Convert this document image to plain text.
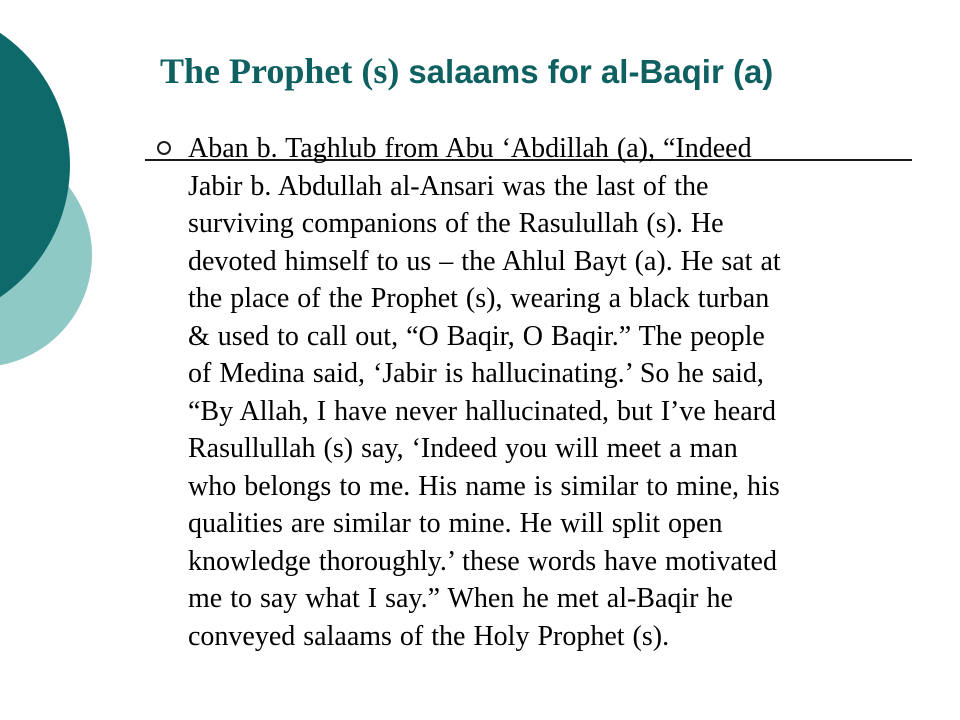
The Prophet (s) salaams for al-Baqir (a)
Aban b. Taghlub from Abu ‘Abdillah (a), “Indeed
Jabir b. Abdullah al-Ansari was the last of the
surviving companions of the Rasulullah (s). He
devoted himself to us – the Ahlul Bayt (a). He sat at
the place of the Prophet (s), wearing a black turban
& used to call out, “O Baqir, O Baqir.” The people
of Medina said, ‘Jabir is hallucinating.’ So he said,
“By Allah, I have never hallucinated, but I’ve heard
Rasullullah (s) say, ‘Indeed you will meet a man
who belongs to me. His name is similar to mine, his
qualities are similar to mine. He will split open
knowledge thoroughly.’ these words have motivated
me to say what I say.” When he met al-Baqir he
conveyed salaams of the Holy Prophet (s).
